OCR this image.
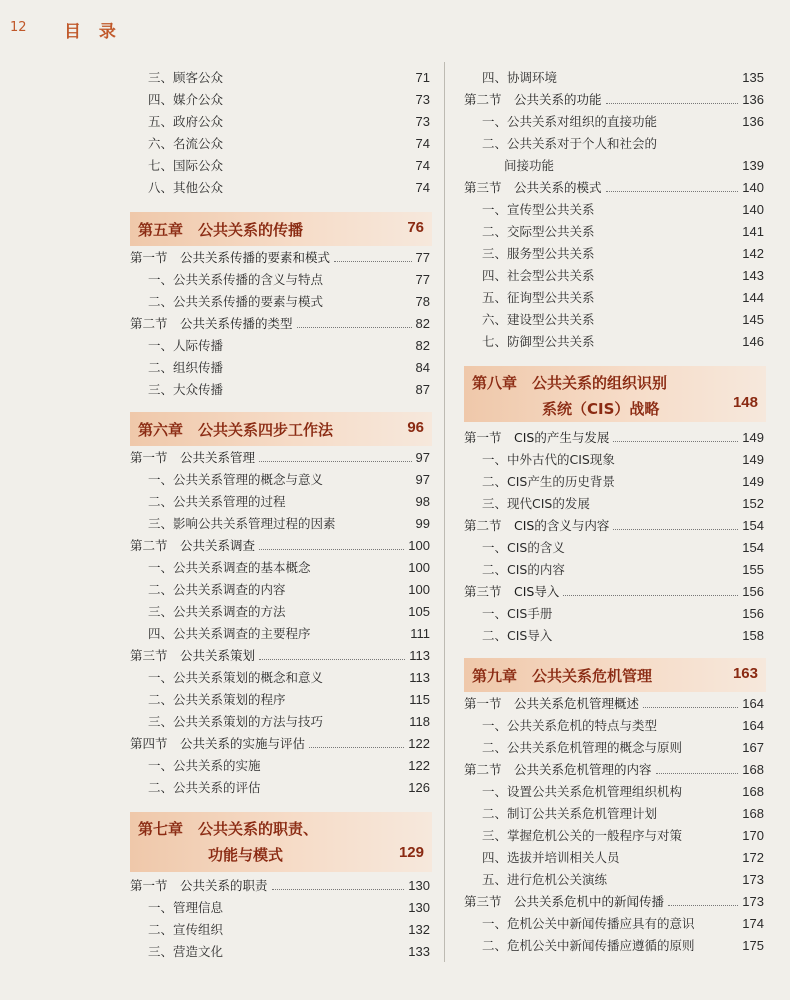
12 目 录
三、顾客公众	71
四、媒介公众	73
五、政府公众	73
六、名流公众	74
七、国际公众	74
八、其他公众	74
第五章　公共关系的传播	76
第一节　公共关系传播的要素和模式	77
一、公共关系传播的含义与特点	77
二、公共关系传播的要素与模式	78
第二节　公共关系传播的类型	82
一、人际传播	82
二、组织传播	84
三、大众传播	87
第六章　公共关系四步工作法	96
第一节　公共关系管理	97
一、公共关系管理的概念与意义	97
二、公共关系管理的过程	98
三、影响公共关系管理过程的因素	99
第二节　公共关系调查	100
一、公共关系调查的基本概念	100
二、公共关系调查的内容	100
三、公共关系调查的方法	105
四、公共关系调查的主要程序	111
第三节　公共关系策划	113
一、公共关系策划的概念和意义	113
二、公共关系策划的程序	115
三、公共关系策划的方法与技巧	118
第四节　公共关系的实施与评估	122
一、公共关系的实施	122
二、公共关系的评估	126
第七章　公共关系的职责、
功能与模式	129
第一节　公共关系的职责	130
一、管理信息	130
二、宣传组织	132
三、营造文化	133
四、协调环境	135
第二节　公共关系的功能	136
一、公共关系对组织的直接功能	136
二、公共关系对于个人和社会的
间接功能	139
第三节　公共关系的模式	140
一、宣传型公共关系	140
二、交际型公共关系	141
三、服务型公共关系	142
四、社会型公共关系	143
五、征询型公共关系	144
六、建设型公共关系	145
七、防御型公共关系	146
第八章　公共关系的组织识别
系统（CIS）战略	148
第一节　CIS的产生与发展	149
一、中外古代的CIS现象	149
二、CIS产生的历史背景	149
三、现代CIS的发展	152
第二节　CIS的含义与内容	154
一、CIS的含义	154
二、CIS的内容	155
第三节　CIS导入	156
一、CIS手册	156
二、CIS导入	158
第九章　公共关系危机管理	163
第一节　公共关系危机管理概述	164
一、公共关系危机的特点与类型	164
二、公共关系危机管理的概念与原则	167
第二节　公共关系危机管理的内容	168
一、设置公共关系危机管理组织机构	168
二、制订公共关系危机管理计划	168
三、掌握危机公关的一般程序与对策	170
四、选拔并培训相关人员	172
五、进行危机公关演练	173
第三节　公共关系危机中的新闻传播	173
一、危机公关中新闻传播应具有的意识	174
二、危机公关中新闻传播应遵循的原则	175
